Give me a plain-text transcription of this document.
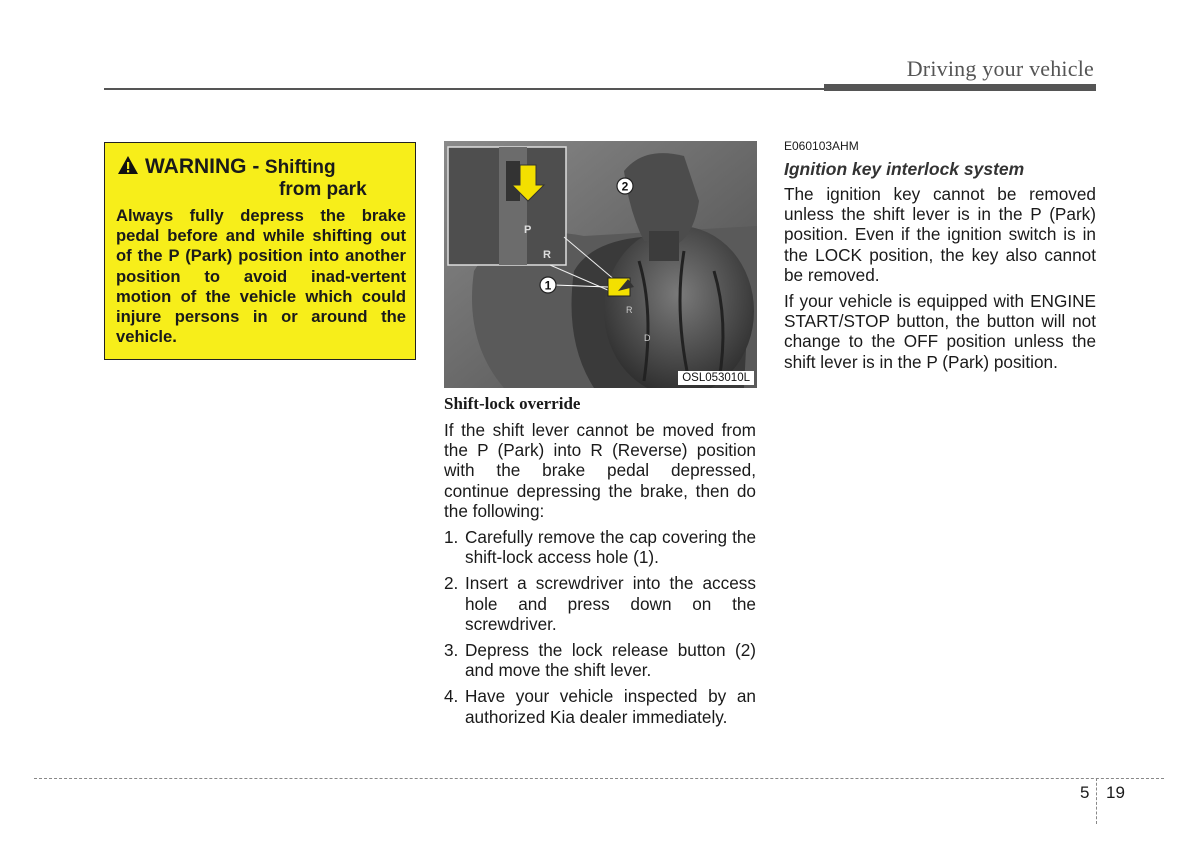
Driving your vehicle
WARNING - Shifting
from park
Always fully depress the brake pedal before and while shifting out of the P (Park) position into another position to avoid inad-vertent motion of the vehicle which could injure persons in or around the vehicle.
P
R
R
D
1
2
OSL053010L
Shift-lock override

If the shift lever cannot be moved from the P (Park) into R (Reverse) position with the brake pedal depressed, continue depressing the brake, then do the following:

1. Carefully remove the cap covering the shift-lock access hole (1).
2. Insert a screwdriver into the access hole and press down on the screwdriver.
3. Depress the lock release button (2) and move the shift lever.
4. Have your vehicle inspected by an authorized Kia dealer immediately.
E060103AHM
Ignition key interlock system

The ignition key cannot be removed unless the shift lever is in the P (Park) position. Even if the ignition switch is in the LOCK position, the key also cannot be removed.

If your vehicle is equipped with ENGINE START/STOP button, the button will not change to the OFF position unless the shift lever is in the P (Park) position.

5 19
